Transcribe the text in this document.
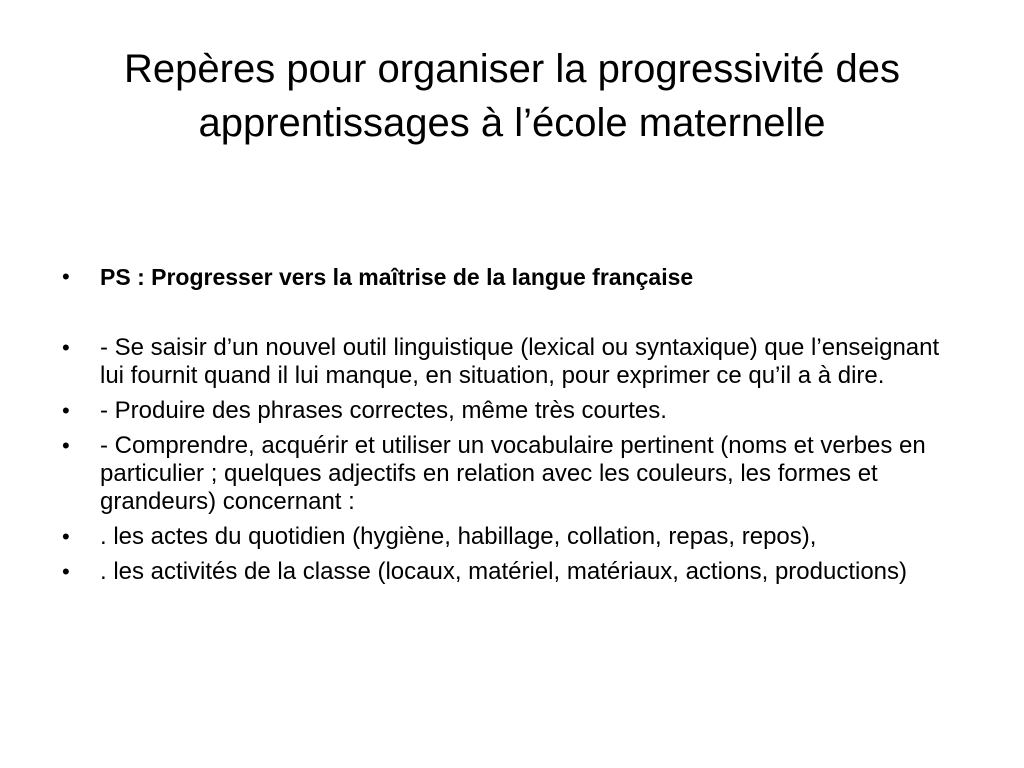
Repères pour organiser la progressivité des
apprentissages à l’école maternelle
•	PS : Progresser vers la maîtrise de la langue française
•	- Se saisir d’un nouvel outil linguistique (lexical ou syntaxique) que l’enseignant lui fournit quand il lui manque, en situation, pour exprimer ce qu’il a à dire.
•	- Produire des phrases correctes, même très courtes.
•	- Comprendre, acquérir et utiliser un vocabulaire pertinent (noms et verbes en particulier ; quelques adjectifs en relation avec les couleurs, les formes et grandeurs) concernant :
•	. les actes du quotidien (hygiène, habillage, collation, repas, repos),
•	. les activités de la classe (locaux, matériel, matériaux, actions, productions)
